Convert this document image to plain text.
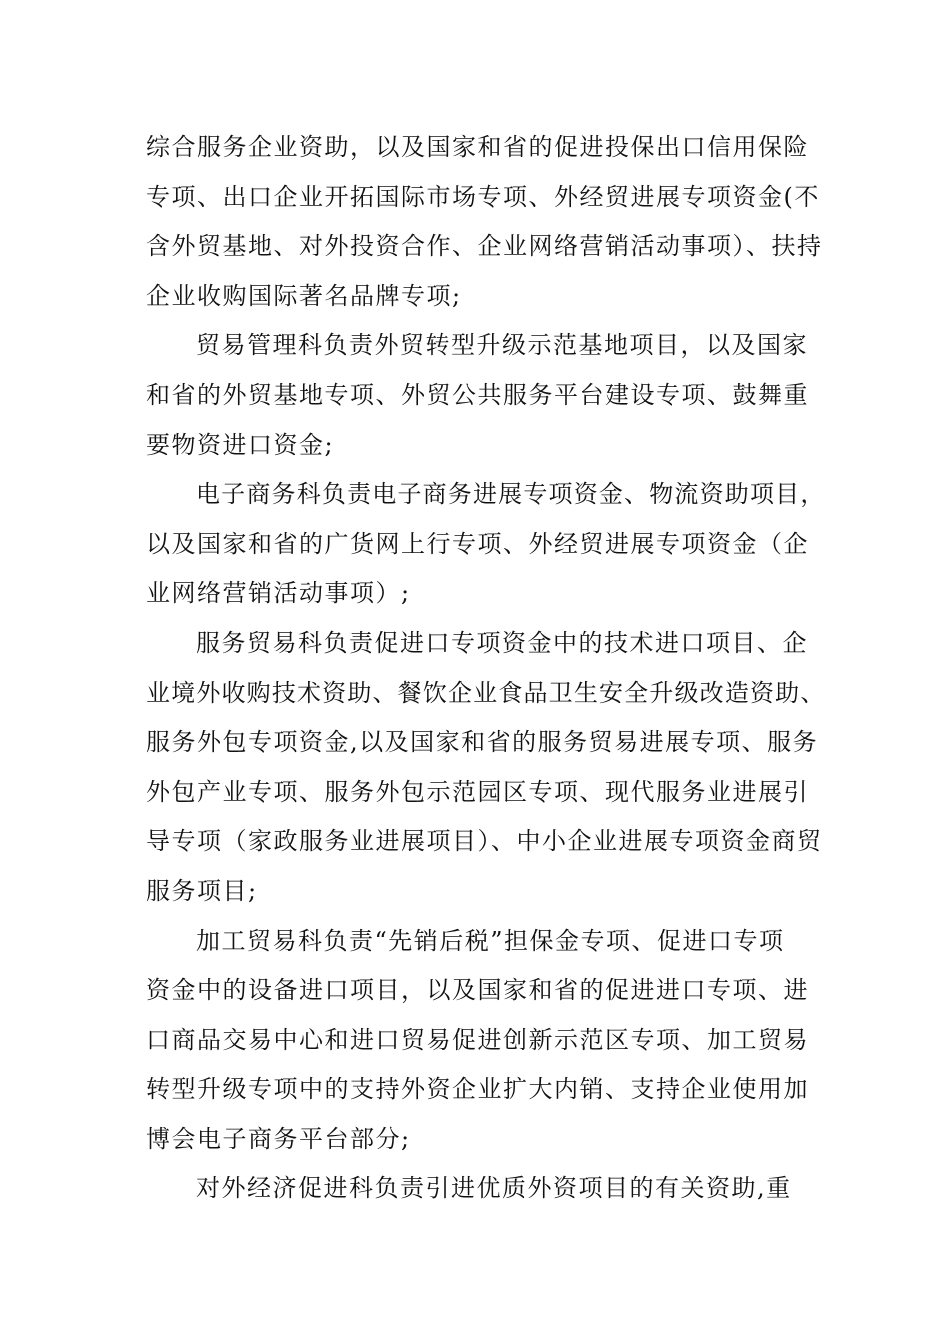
综合服务企业资助，以及国家和省的促进投保出口信用保险
专项、出口企业开拓国际市场专项、外经贸进展专项资金(不
含外贸基地、对外投资合作、企业网络营销活动事项）、扶持
企业收购国际著名品牌专项;
贸易管理科负责外贸转型升级示范基地项目，以及国家
和省的外贸基地专项、外贸公共服务平台建设专项、鼓舞重
要物资进口资金;
电子商务科负责电子商务进展专项资金、物流资助项目，
以及国家和省的广货网上行专项、外经贸进展专项资金（企
业网络营销活动事项）;
服务贸易科负责促进口专项资金中的技术进口项目、企
业境外收购技术资助、餐饮企业食品卫生安全升级改造资助、
服务外包专项资金,以及国家和省的服务贸易进展专项、服务
外包产业专项、服务外包示范园区专项、现代服务业进展引
导专项（家政服务业进展项目）、中小企业进展专项资金商贸
服务项目;
加工贸易科负责“先销后税”担保金专项、促进口专项
资金中的设备进口项目，以及国家和省的促进进口专项、进
口商品交易中心和进口贸易促进创新示范区专项、加工贸易
转型升级专项中的支持外资企业扩大内销、支持企业使用加
博会电子商务平台部分;
对外经济促进科负责引进优质外资项目的有关资助,重
